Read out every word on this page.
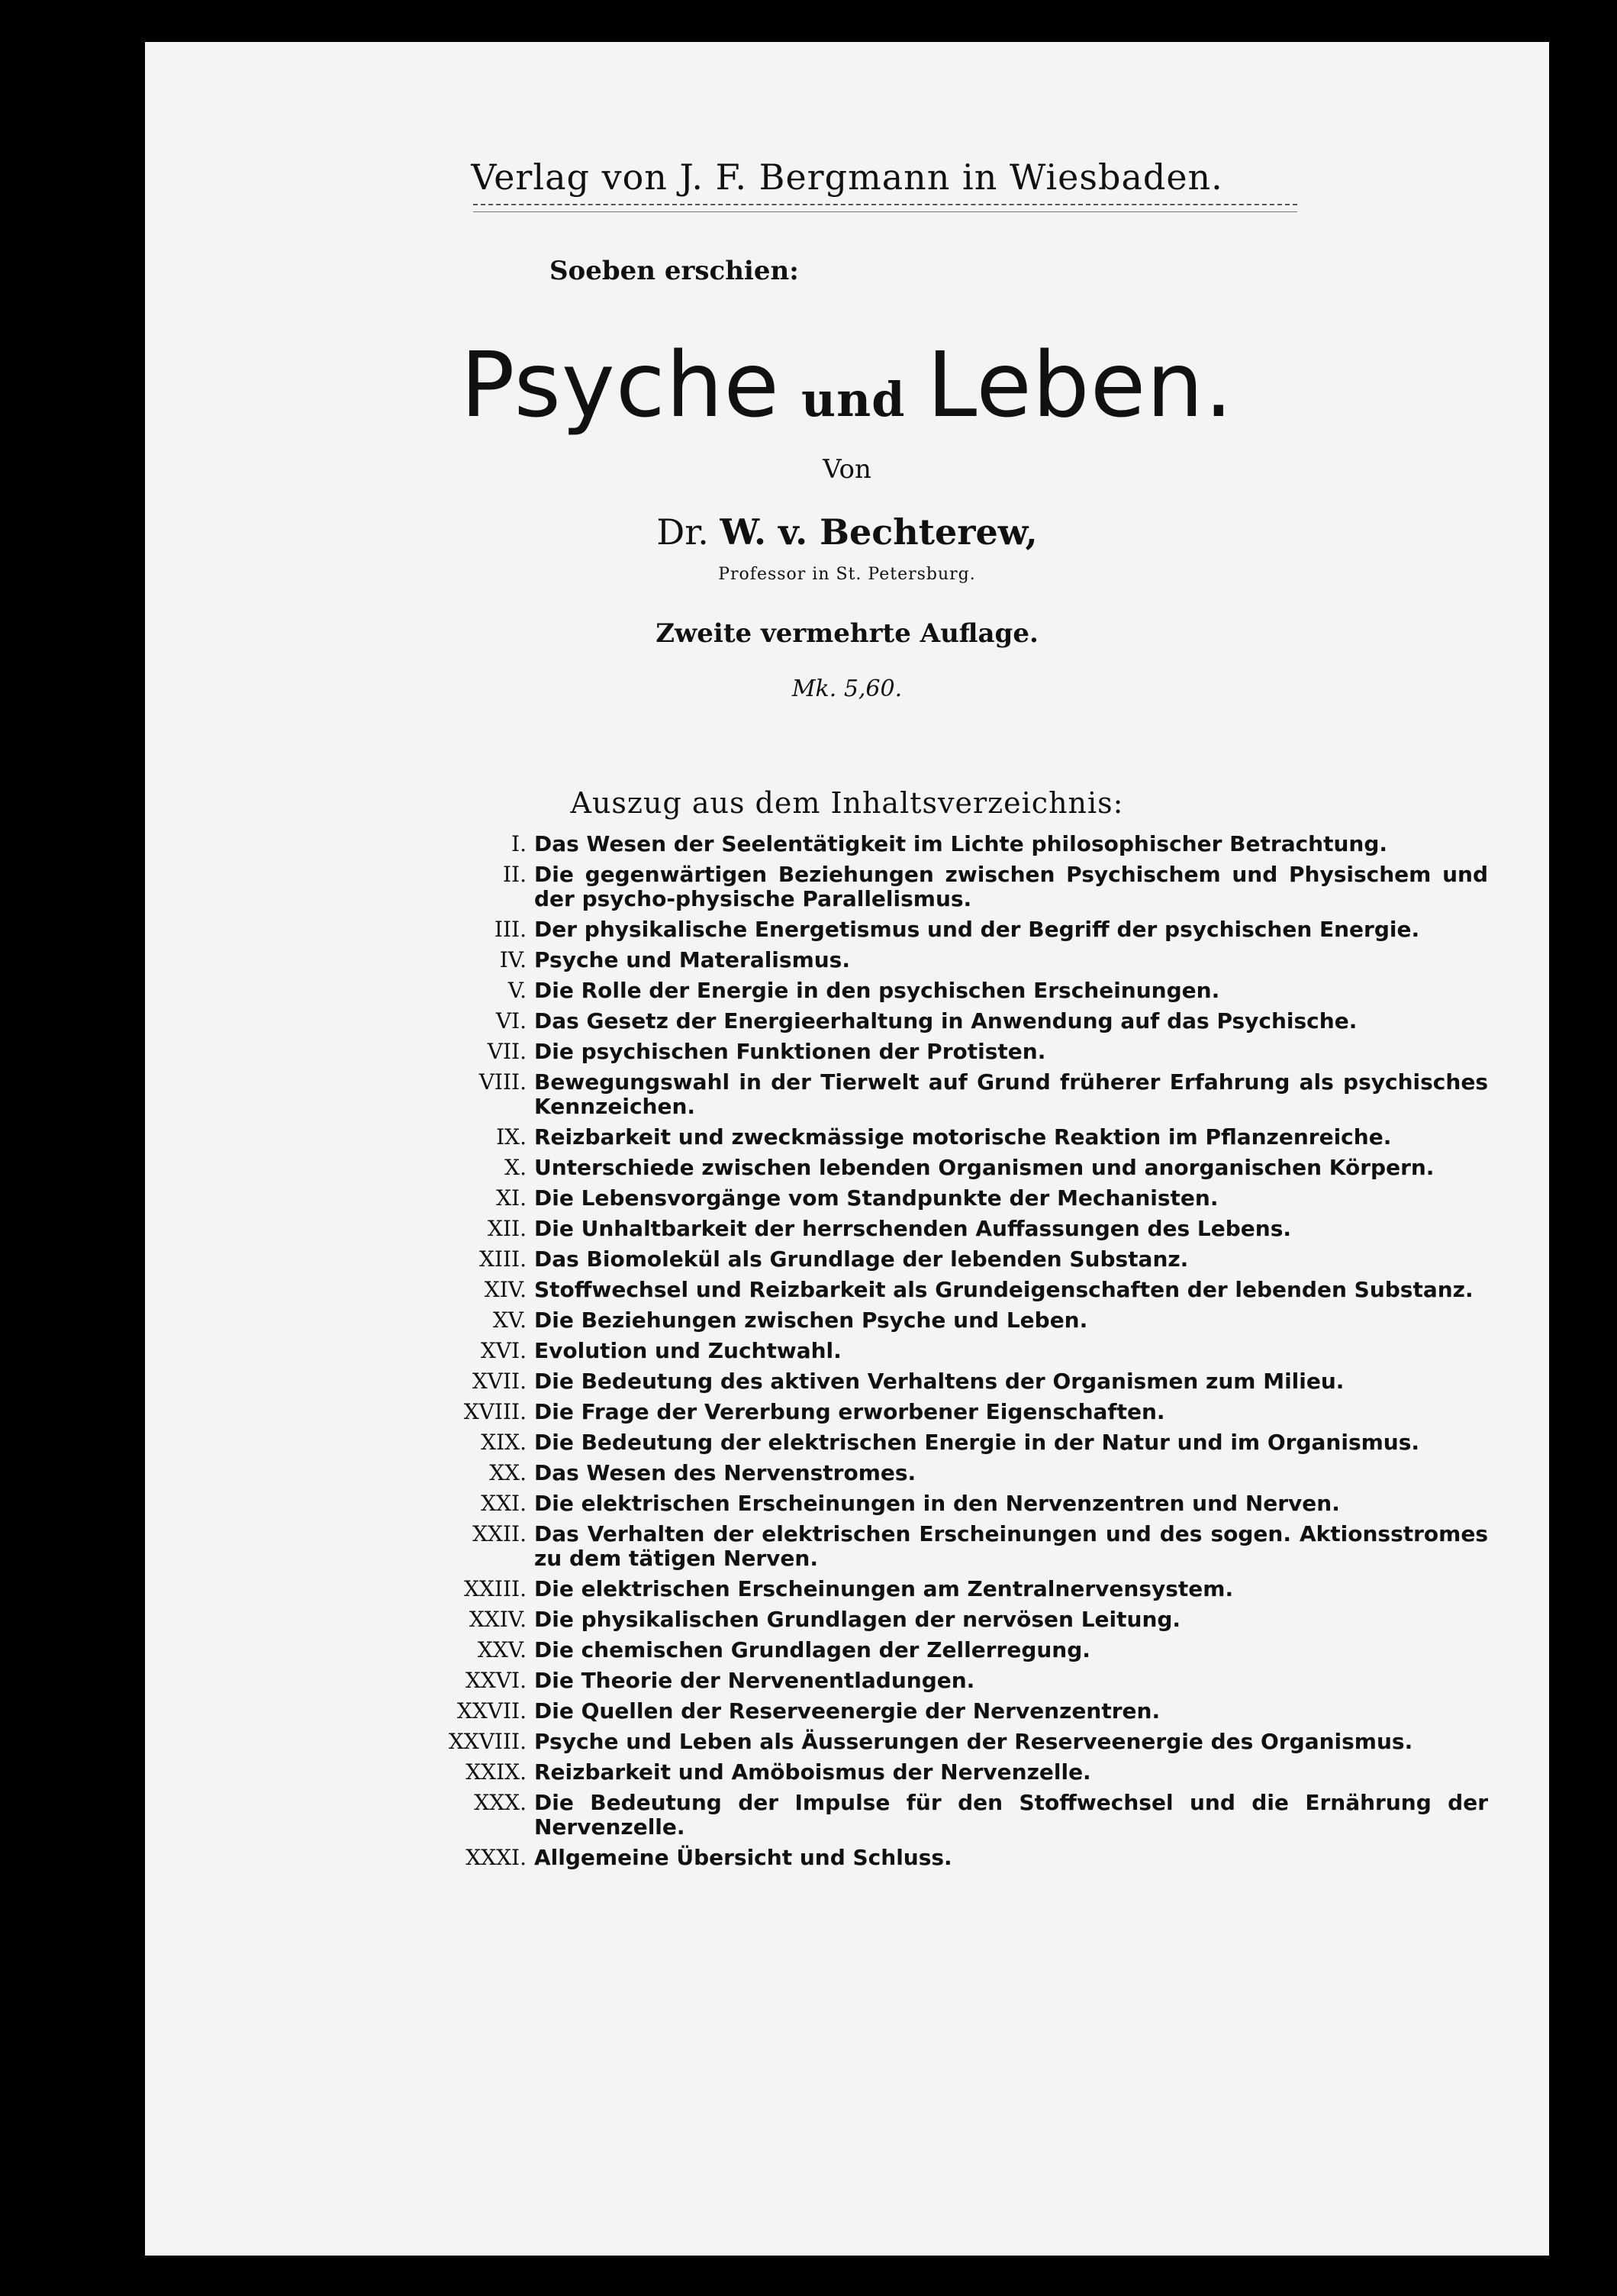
Verlag von J. F. Bergmann in Wiesbaden.
Soeben erschien:
Psyche und Leben.
Von
Dr. W. v. Bechterew,
Professor in St. Petersburg.
Zweite vermehrte Auflage.
Mk. 5,60.
Auszug aus dem Inhaltsverzeichnis:
I. Das Wesen der Seelentätigkeit im Lichte philosophischer Betrachtung.
II. Die gegenwärtigen Beziehungen zwischen Psychischem und Physischem und der psycho-physische Parallelismus.
III. Der physikalische Energetismus und der Begriff der psychischen Energie.
IV. Psyche und Materalismus.
V. Die Rolle der Energie in den psychischen Erscheinungen.
VI. Das Gesetz der Energieerhaltung in Anwendung auf das Psychische.
VII. Die psychischen Funktionen der Protisten.
VIII. Bewegungswahl in der Tierwelt auf Grund früherer Erfahrung als psychisches Kennzeichen.
IX. Reizbarkeit und zweckmässige motorische Reaktion im Pflanzenreiche.
X. Unterschiede zwischen lebenden Organismen und anorganischen Körpern.
XI. Die Lebensvorgänge vom Standpunkte der Mechanisten.
XII. Die Unhaltbarkeit der herrschenden Auffassungen des Lebens.
XIII. Das Biomolekül als Grundlage der lebenden Substanz.
XIV. Stoffwechsel und Reizbarkeit als Grundeigenschaften der lebenden Substanz.
XV. Die Beziehungen zwischen Psyche und Leben.
XVI. Evolution und Zuchtwahl.
XVII. Die Bedeutung des aktiven Verhaltens der Organismen zum Milieu.
XVIII. Die Frage der Vererbung erworbener Eigenschaften.
XIX. Die Bedeutung der elektrischen Energie in der Natur und im Organismus.
XX. Das Wesen des Nervenstromes.
XXI. Die elektrischen Erscheinungen in den Nervenzentren und Nerven.
XXII. Das Verhalten der elektrischen Erscheinungen und des sogen. Aktionsstromes zu dem tätigen Nerven.
XXIII. Die elektrischen Erscheinungen am Zentralnervensystem.
XXIV. Die physikalischen Grundlagen der nervösen Leitung.
XXV. Die chemischen Grundlagen der Zellerregung.
XXVI. Die Theorie der Nervenentladungen.
XXVII. Die Quellen der Reserveenergie der Nervenzentren.
XXVIII. Psyche und Leben als Äusserungen der Reserveenergie des Organismus.
XXIX. Reizbarkeit und Amöboismus der Nervenzelle.
XXX. Die Bedeutung der Impulse für den Stoffwechsel und die Ernährung der Nervenzelle.
XXXI. Allgemeine Übersicht und Schluss.
